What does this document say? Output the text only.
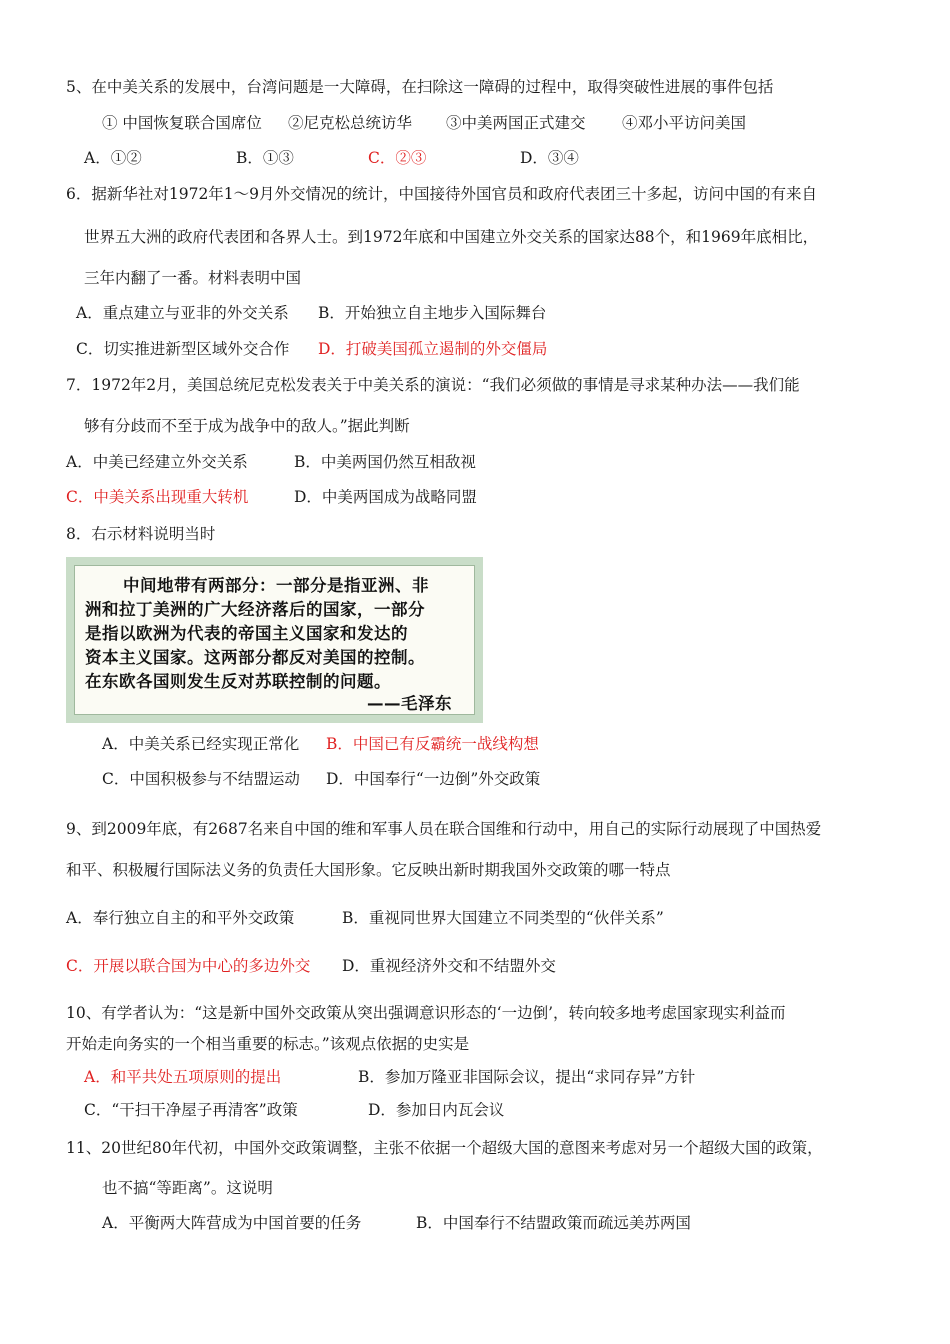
5、在中美关系的发展中，台湾问题是一大障碍，在扫除这一障碍的过程中，取得突破性进展的事件包括
① 中国恢复联合国席位 ②尼克松总统访华 ③中美两国正式建交 ④邓小平访问美国
A．①②	B．①③	C．②③	D．③④
6．据新华社对1972年1～9月外交情况的统计，中国接待外国官员和政府代表团三十多起，访问中国的有来自
世界五大洲的政府代表团和各界人士。到1972年底和中国建立外交关系的国家达88个，和1969年底相比，
三年内翻了一番。材料表明中国
A．重点建立与亚非的外交关系 B．开始独立自主地步入国际舞台
C．切实推进新型区域外交合作 D．打破美国孤立遏制的外交僵局
7．1972年2月，美国总统尼克松发表关于中美关系的演说：“我们必须做的事情是寻求某种办法——我们能
够有分歧而不至于成为战争中的敌人。”据此判断
A．中美已经建立外交关系	B．中美两国仍然互相敌视
C．中美关系出现重大转机	D．中美两国成为战略同盟
8．右示材料说明当时
中间地带有两部分：一部分是指亚洲、非
洲和拉丁美洲的广大经济落后的国家，一部分
是指以欧洲为代表的帝国主义国家和发达的
资本主义国家。这两部分都反对美国的控制。
在东欧各国则发生反对苏联控制的问题。
——毛泽东
A．中美关系已经实现正常化 B．中国已有反霸统一战线构想
C．中国积极参与不结盟运动 D．中国奉行“一边倒”外交政策
9、到2009年底，有2687名来自中国的维和军事人员在联合国维和行动中，用自己的实际行动展现了中国热爱
和平、积极履行国际法义务的负责任大国形象。它反映出新时期我国外交政策的哪一特点
A．奉行独立自主的和平外交政策	B．重视同世界大国建立不同类型的“伙伴关系”
C．开展以联合国为中心的多边外交 D．重视经济外交和不结盟外交
10、有学者认为：“这是新中国外交政策从突出强调意识形态的‘一边倒’，转向较多地考虑国家现实利益而
开始走向务实的一个相当重要的标志。”该观点依据的史实是
A．和平共处五项原则的提出	B．参加万隆亚非国际会议，提出“求同存异”方针
C．“干扫干净屋子再清客”政策	D．参加日内瓦会议
11、20世纪80年代初，中国外交政策调整，主张不依据一个超级大国的意图来考虑对另一个超级大国的政策，
也不搞“等距离”。这说明
A．平衡两大阵营成为中国首要的任务	B．中国奉行不结盟政策而疏远美苏两国
